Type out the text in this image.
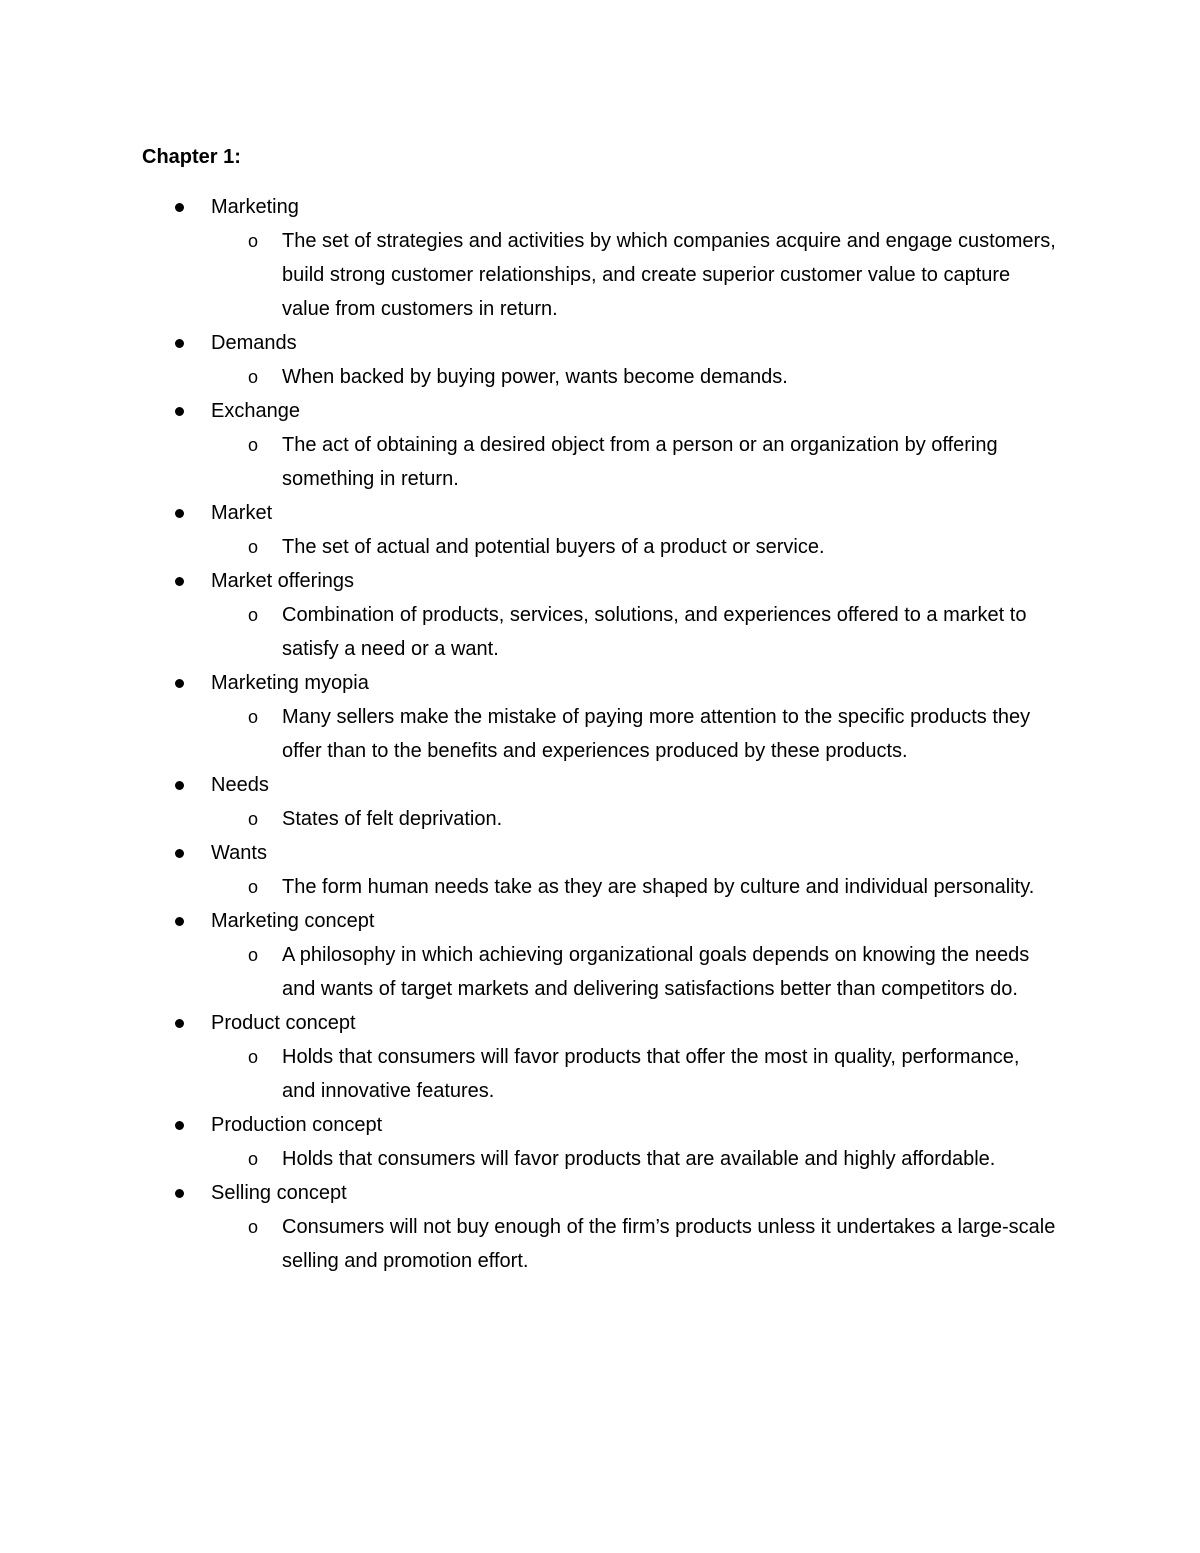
Chapter 1:
Marketing
o The set of strategies and activities by which companies acquire and engage customers, build strong customer relationships, and create superior customer value to capture value from customers in return.
Demands
o When backed by buying power, wants become demands.
Exchange
o The act of obtaining a desired object from a person or an organization by offering something in return.
Market
o The set of actual and potential buyers of a product or service.
Market offerings
o Combination of products, services, solutions, and experiences offered to a market to satisfy a need or a want.
Marketing myopia
o Many sellers make the mistake of paying more attention to the specific products they offer than to the benefits and experiences produced by these products.
Needs
o States of felt deprivation.
Wants
o The form human needs take as they are shaped by culture and individual personality.
Marketing concept
o A philosophy in which achieving organizational goals depends on knowing the needs and wants of target markets and delivering satisfactions better than competitors do.
Product concept
o Holds that consumers will favor products that offer the most in quality, performance, and innovative features.
Production concept
o Holds that consumers will favor products that are available and highly affordable.
Selling concept
o Consumers will not buy enough of the firm’s products unless it undertakes a large-scale selling and promotion effort.
